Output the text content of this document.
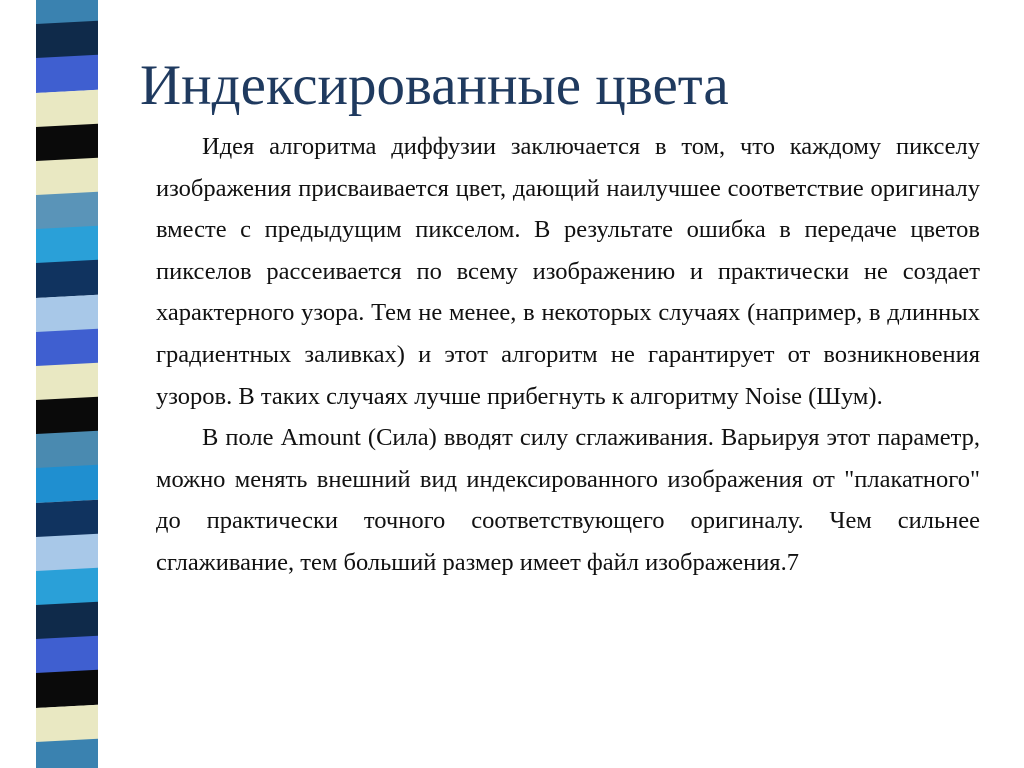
Индексированные цвета

Идея алгоритма диффузии заключается в том, что каждому пикселу изображения присваивается цвет, дающий наилучшее соответствие оригиналу вместе с предыдущим пикселом. В результате ошибка в передаче цветов пикселов рассеивается по всему изображению и практически не создает характерного узора. Тем не менее, в некоторых случаях (например, в длинных градиентных заливках) и этот алгоритм не гарантирует от возникновения узоров. В таких случаях лучше прибегнуть к алгоритму Noise (Шум).

В поле Amount (Сила) вводят силу сглаживания. Варьируя этот параметр, можно менять внешний вид индексированного изображения от "плакатного" до практически точного соответствующего оригиналу. Чем сильнее сглаживание, тем больший размер имеет файл изображения.7
